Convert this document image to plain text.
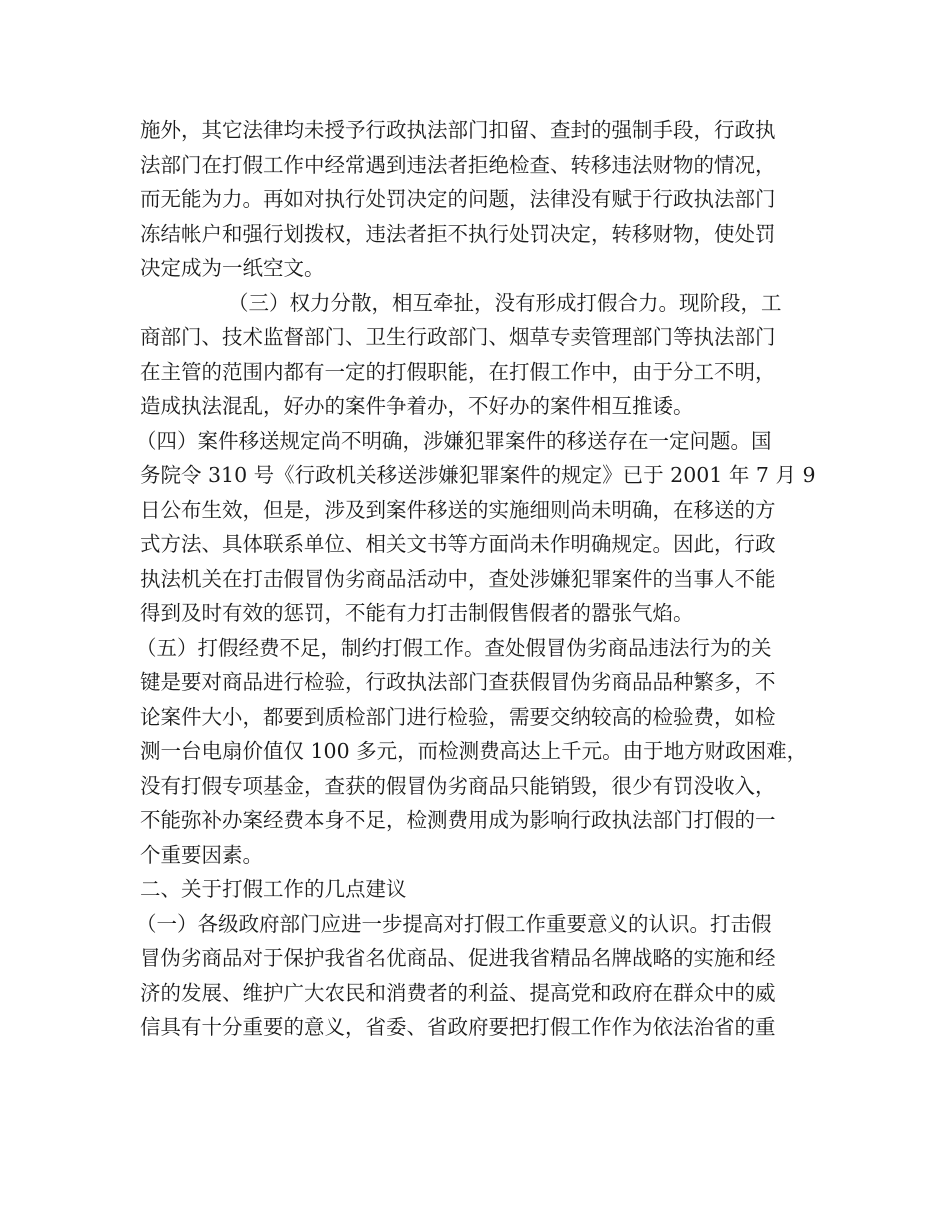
施外，其它法律均未授予行政执法部门扣留、查封的强制手段，行政执
法部门在打假工作中经常遇到违法者拒绝检查、转移违法财物的情况，
而无能为力。再如对执行处罚决定的问题，法律没有赋于行政执法部门
冻结帐户和强行划拨权，违法者拒不执行处罚决定，转移财物，使处罚
决定成为一纸空文。
（三）权力分散，相互牵扯，没有形成打假合力。现阶段，工
商部门、技术监督部门、卫生行政部门、烟草专卖管理部门等执法部门
在主管的范围内都有一定的打假职能，在打假工作中，由于分工不明，
造成执法混乱，好办的案件争着办，不好办的案件相互推诿。
（四）案件移送规定尚不明确，涉嫌犯罪案件的移送存在一定问题。国
务院令 310 号《行政机关移送涉嫌犯罪案件的规定》已于 2001 年 7 月 9
日公布生效，但是，涉及到案件移送的实施细则尚未明确，在移送的方
式方法、具体联系单位、相关文书等方面尚未作明确规定。因此，行政
执法机关在打击假冒伪劣商品活动中，查处涉嫌犯罪案件的当事人不能
得到及时有效的惩罚，不能有力打击制假售假者的嚣张气焰。
（五）打假经费不足，制约打假工作。查处假冒伪劣商品违法行为的关
键是要对商品进行检验，行政执法部门查获假冒伪劣商品品种繁多，不
论案件大小，都要到质检部门进行检验，需要交纳较高的检验费，如检
测一台电扇价值仅 100 多元，而检测费高达上千元。由于地方财政困难，
没有打假专项基金，查获的假冒伪劣商品只能销毁，很少有罚没收入，
不能弥补办案经费本身不足，检测费用成为影响行政执法部门打假的一
个重要因素。
二、关于打假工作的几点建议
（一）各级政府部门应进一步提高对打假工作重要意义的认识。打击假
冒伪劣商品对于保护我省名优商品、促进我省精品名牌战略的实施和经
济的发展、维护广大农民和消费者的利益、提高党和政府在群众中的威
信具有十分重要的意义，省委、省政府要把打假工作作为依法治省的重
